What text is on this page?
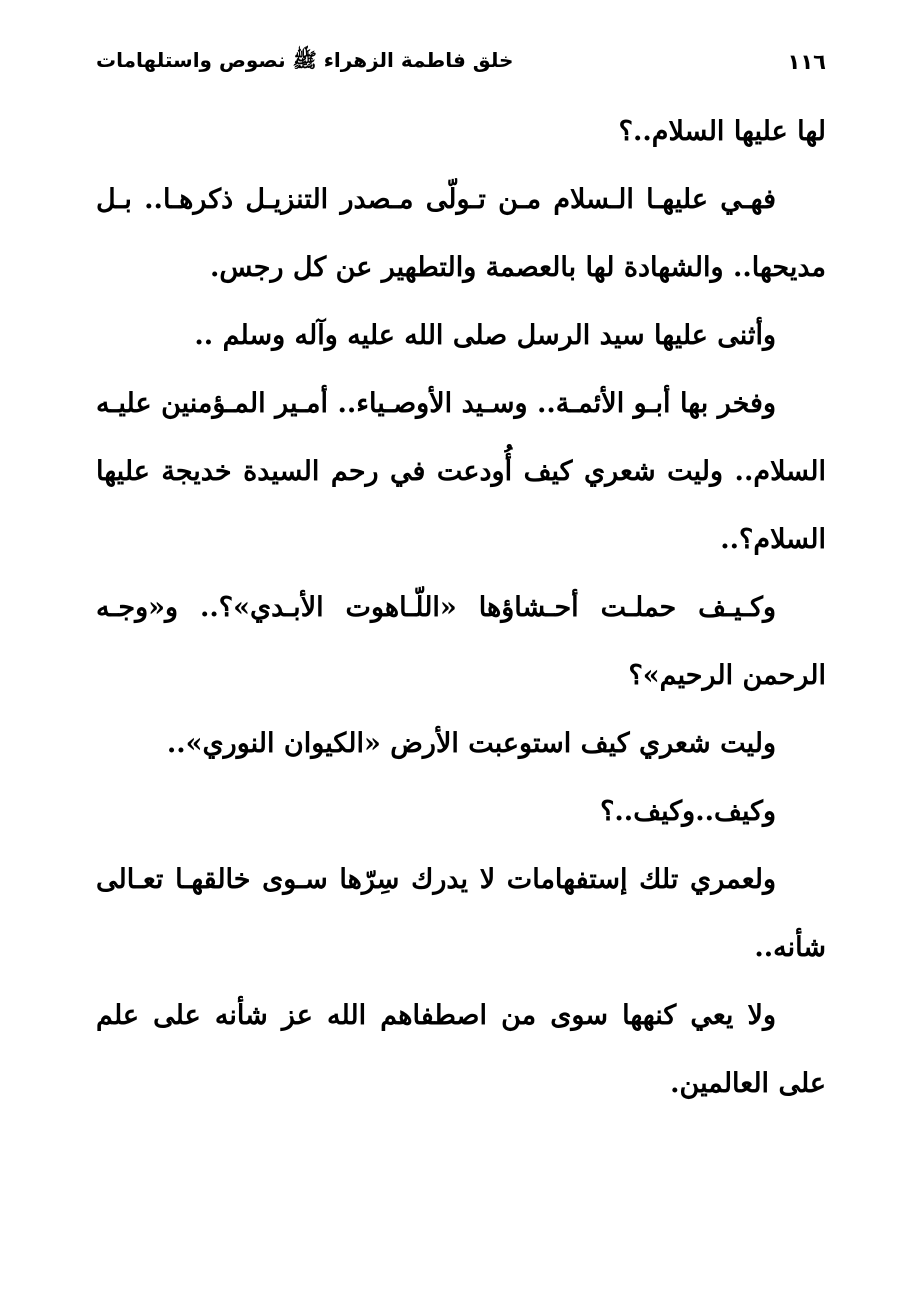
خلق فاطمة الزهراء ﷺ نصوص واستلهامات	١١٦

لها عليها السلام..؟

فهـي عليهـا الـسلام مـن تـولّى مـصدر التنزيـل ذكرهـا.. بـل مديحها.. والشهادة لها بالعصمة والتطهير عن كل رجس.

وأثنى عليها سيد الرسل صلى الله عليه وآله وسلم ..

وفخر بها أبـو الأئمـة.. وسـيد الأوصـياء.. أمـير المـؤمنين عليـه السلام.. وليت شعري كيف أُودعت في رحم السيدة خديجة عليها السلام؟..

وكـيـف حملـت أحـشاؤها «اللّـاهوت الأبـدي»؟.. و«وجـه الرحمن الرحيم»؟

وليت شعري كيف استوعبت الأرض «الكيوان النوري»..

وكيف..وكيف..؟

ولعمري تلك إستفهامات لا يدرك سِرّها سـوى خالقهـا تعـالى شأنه..

ولا يعي كنهها سوى من اصطفاهم الله عز شأنه على علم على العالمين.
